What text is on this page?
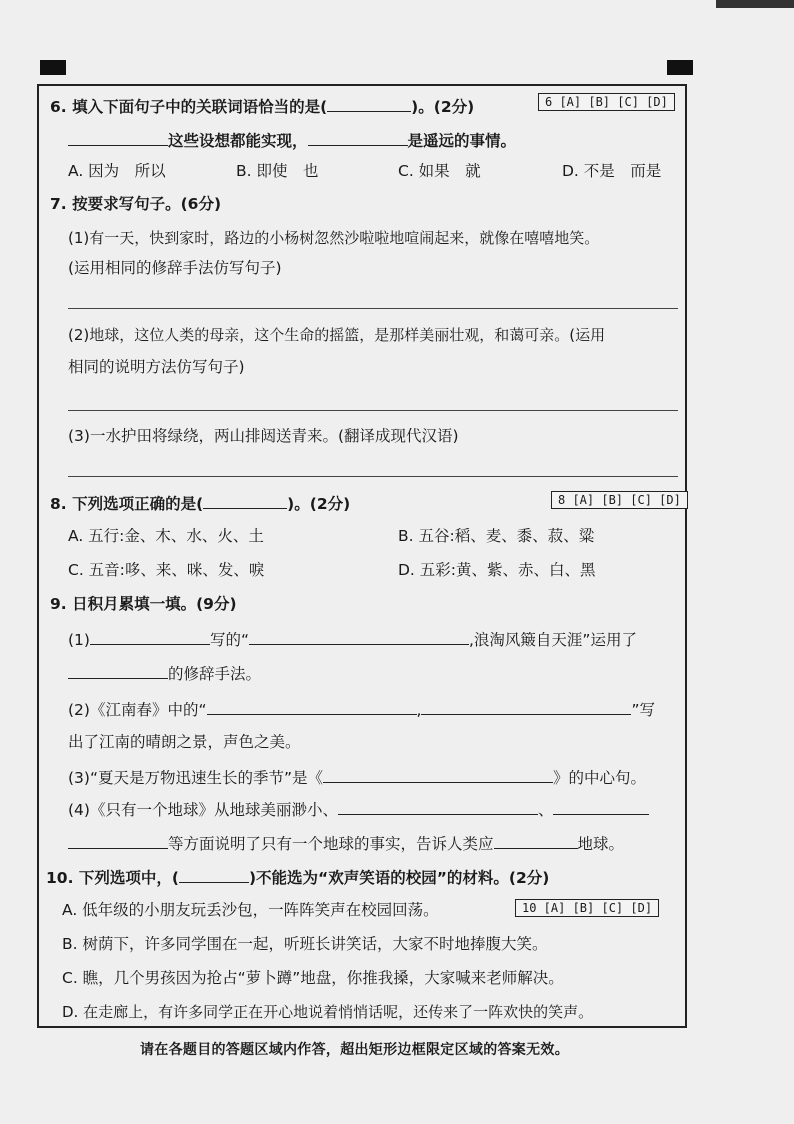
6. 填入下面句子中的关联词语恰当的是(	)。(2分)	6 [A] [B] [C] [D]
这些设想都能实现，	是遥远的事情。
A. 因为　所以	B. 即使　也	C. 如果　就	D. 不是　而是
7. 按要求写句子。(6分)
(1)有一天，快到家时，路边的小杨树忽然沙啦啦地喧闹起来，就像在嘻嘻地笑。
(运用相同的修辞手法仿写句子)
(2)地球，这位人类的母亲，这个生命的摇篮，是那样美丽壮观，和蔼可亲。(运用
相同的说明方法仿写句子)
(3)一水护田将绿绕，两山排闼送青来。(翻译成现代汉语)
8. 下列选项正确的是(	)。(2分)	8 [A] [B] [C] [D]
A. 五行:金、木、水、火、土	B. 五谷:稻、麦、黍、菽、粱
C. 五音:哆、来、咪、发、唳	D. 五彩:黄、紫、赤、白、黑
9. 日积月累填一填。(9分)
(1)	写的“	,浪淘风簸自天涯”运用了
的修辞手法。
(2)《江南春》中的“	,	”写
出了江南的晴朗之景，声色之美。
(3)“夏天是万物迅速生长的季节”是《	》的中心句。
(4)《只有一个地球》从地球美丽渺小、	、
等方面说明了只有一个地球的事实，告诉人类应	地球。
10. 下列选项中，(	)不能选为“欢声笑语的校园”的材料。(2分)
10 [A] [B] [C] [D]
A. 低年级的小朋友玩丢沙包，一阵阵笑声在校园回荡。
B. 树荫下，许多同学围在一起，听班长讲笑话，大家不时地捧腹大笑。
C. 瞧，几个男孩因为抢占“萝卜蹲”地盘，你推我搡，大家喊来老师解决。
D. 在走廊上，有许多同学正在开心地说着悄悄话呢，还传来了一阵欢快的笑声。
请在各题目的答题区域内作答，超出矩形边框限定区域的答案无效。
